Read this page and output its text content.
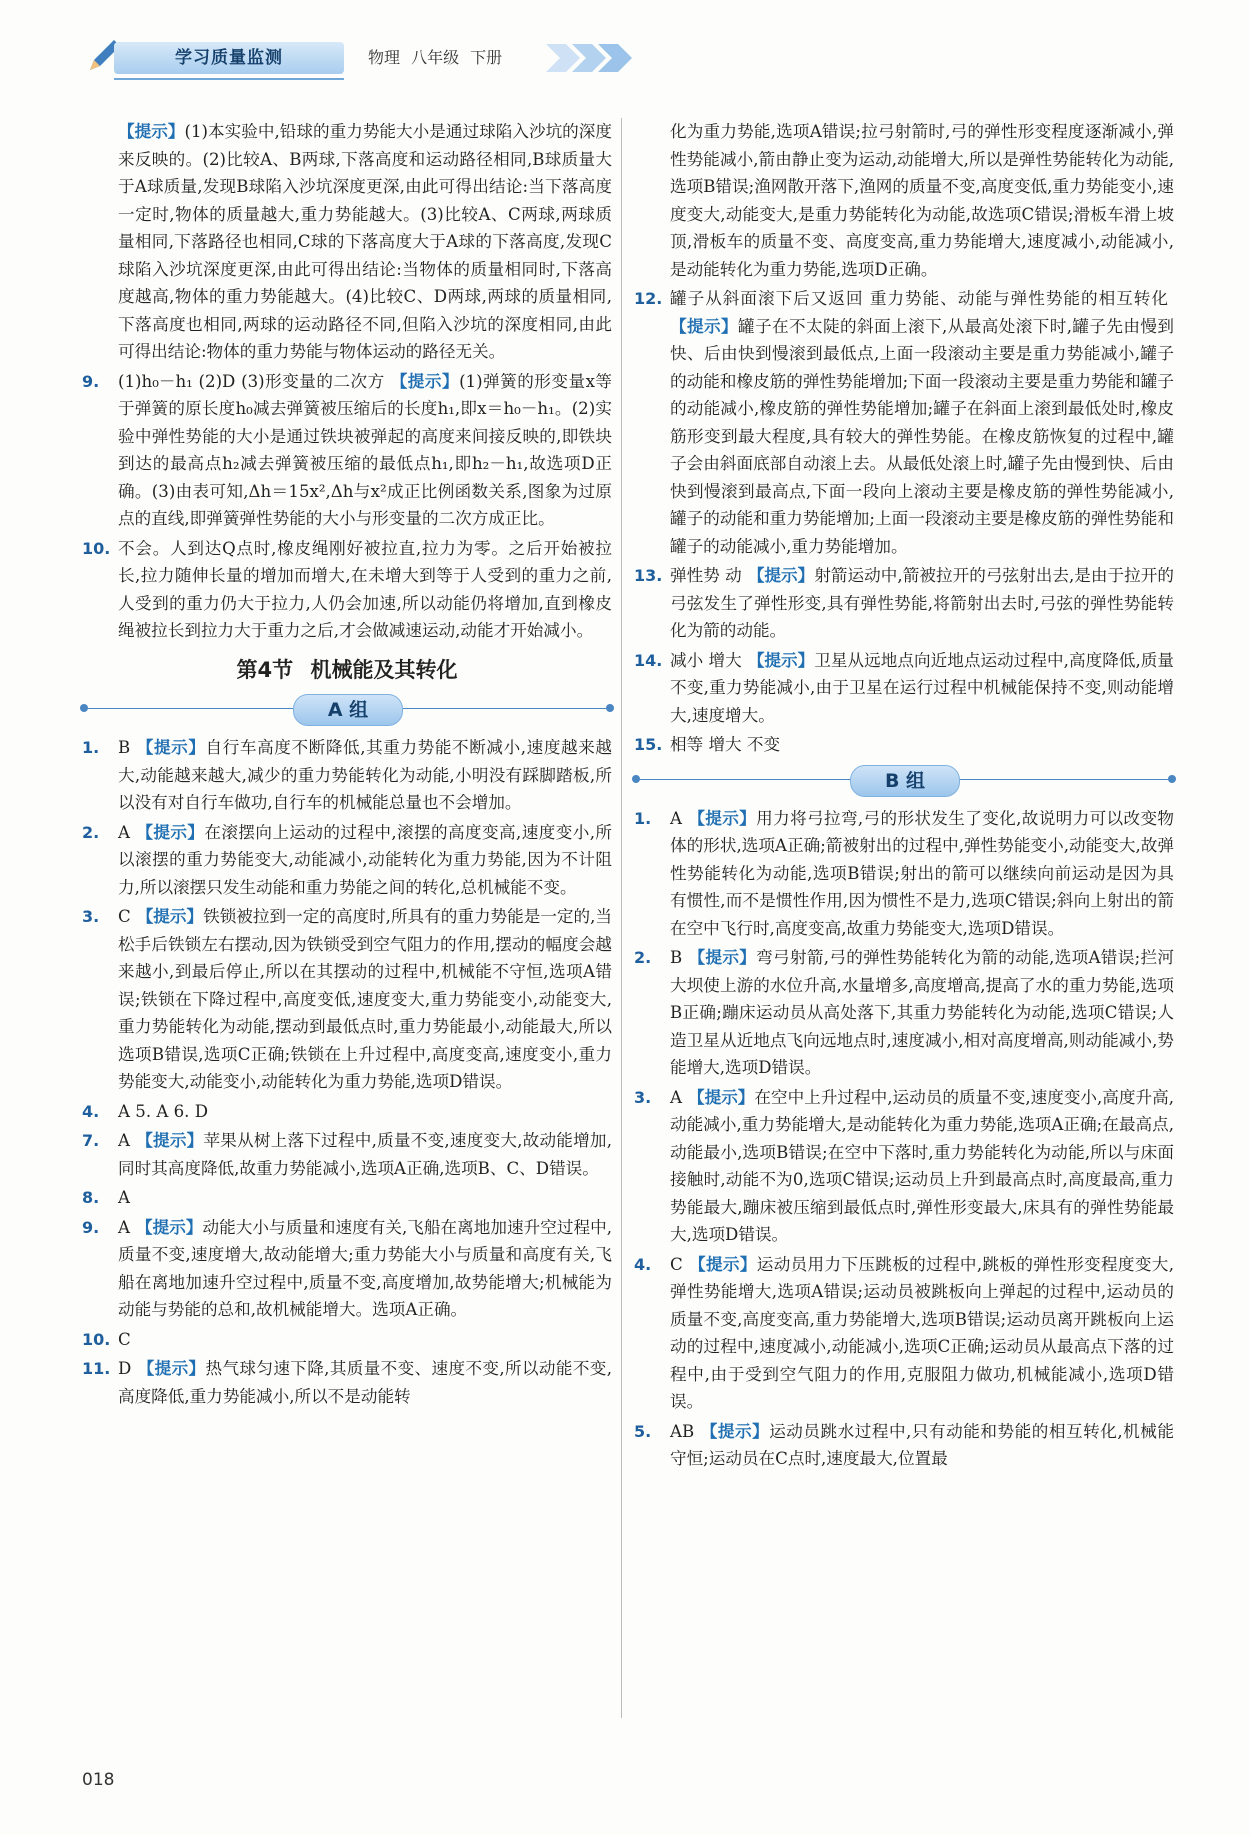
学习质量监测	物理 八年级 下册
【提示】(1)本实验中,铅球的重力势能大小是通过球陷入沙坑的深度来反映的。(2)比较A、B两球,下落高度和运动路径相同,B球质量大于A球质量,发现B球陷入沙坑深度更深,由此可得出结论:当下落高度一定时,物体的质量越大,重力势能越大。(3)比较A、C两球,两球质量相同,下落路径也相同,C球的下落高度大于A球的下落高度,发现C球陷入沙坑深度更深,由此可得出结论:当物体的质量相同时,下落高度越高,物体的重力势能越大。(4)比较C、D两球,两球的质量相同,下落高度也相同,两球的运动路径不同,但陷入沙坑的深度相同,由此可得出结论:物体的重力势能与物体运动的路径无关。
9.	(1)h₀－h₁ (2)D (3)形变量的二次方 【提示】(1)弹簧的形变量x等于弹簧的原长度h₀减去弹簧被压缩后的长度h₁,即x＝h₀－h₁。(2)实验中弹性势能的大小是通过铁块被弹起的高度来间接反映的,即铁块到达的最高点h₂减去弹簧被压缩的最低点h₁,即h₂－h₁,故选项D正确。(3)由表可知,Δh＝15x²,Δh与x²成正比例函数关系,图象为过原点的直线,即弹簧弹性势能的大小与形变量的二次方成正比。
10. 不会。人到达Q点时,橡皮绳刚好被拉直,拉力为零。之后开始被拉长,拉力随伸长量的增加而增大,在未增大到等于人受到的重力之前,人受到的重力仍大于拉力,人仍会加速,所以动能仍将增加,直到橡皮绳被拉长到拉力大于重力之后,才会做减速运动,动能才开始减小。
第4节 机械能及其转化
A 组
1.	B 【提示】自行车高度不断降低,其重力势能不断减小,速度越来越大,动能越来越大,减少的重力势能转化为动能,小明没有踩脚踏板,所以没有对自行车做功,自行车的机械能总量也不会增加。
2.	A 【提示】在滚摆向上运动的过程中,滚摆的高度变高,速度变小,所以滚摆的重力势能变大,动能减小,动能转化为重力势能,因为不计阻力,所以滚摆只发生动能和重力势能之间的转化,总机械能不变。
3.	C 【提示】铁锁被拉到一定的高度时,所具有的重力势能是一定的,当松手后铁锁左右摆动,因为铁锁受到空气阻力的作用,摆动的幅度会越来越小,到最后停止,所以在其摆动的过程中,机械能不守恒,选项A错误;铁锁在下降过程中,高度变低,速度变大,重力势能变小,动能变大,重力势能转化为动能,摆动到最低点时,重力势能最小,动能最大,所以选项B错误,选项C正确;铁锁在上升过程中,高度变高,速度变小,重力势能变大,动能变小,动能转化为重力势能,选项D错误。
4.	A 5. A 6. D
7.	A 【提示】苹果从树上落下过程中,质量不变,速度变大,故动能增加,同时其高度降低,故重力势能减小,选项A正确,选项B、C、D错误。
8.	A
9.	A 【提示】动能大小与质量和速度有关,飞船在离地加速升空过程中,质量不变,速度增大,故动能增大;重力势能大小与质量和高度有关,飞船在离地加速升空过程中,质量不变,高度增加,故势能增大;机械能为动能与势能的总和,故机械能增大。选项A正确。
10. C
11. D 【提示】热气球匀速下降,其质量不变、速度不变,所以动能不变,高度降低,重力势能减小,所以不是动能转
化为重力势能,选项A错误;拉弓射箭时,弓的弹性形变程度逐渐减小,弹性势能减小,箭由静止变为运动,动能增大,所以是弹性势能转化为动能,选项B错误;渔网散开落下,渔网的质量不变,高度变低,重力势能变小,速度变大,动能变大,是重力势能转化为动能,故选项C错误;滑板车滑上坡顶,滑板车的质量不变、高度变高,重力势能增大,速度减小,动能减小,是动能转化为重力势能,选项D正确。
12. 罐子从斜面滚下后又返回 重力势能、动能与弹性势能的相互转化【提示】罐子在不太陡的斜面上滚下,从最高处滚下时,罐子先由慢到快、后由快到慢滚到最低点,上面一段滚动主要是重力势能减小,罐子的动能和橡皮筋的弹性势能增加;下面一段滚动主要是重力势能和罐子的动能减小,橡皮筋的弹性势能增加;罐子在斜面上滚到最低处时,橡皮筋形变到最大程度,具有较大的弹性势能。在橡皮筋恢复的过程中,罐子会由斜面底部自动滚上去。从最低处滚上时,罐子先由慢到快、后由快到慢滚到最高点,下面一段向上滚动主要是橡皮筋的弹性势能减小,罐子的动能和重力势能增加;上面一段滚动主要是橡皮筋的弹性势能和罐子的动能减小,重力势能增加。
13. 弹性势 动 【提示】射箭运动中,箭被拉开的弓弦射出去,是由于拉开的弓弦发生了弹性形变,具有弹性势能,将箭射出去时,弓弦的弹性势能转化为箭的动能。
14. 减小 增大 【提示】卫星从远地点向近地点运动过程中,高度降低,质量不变,重力势能减小,由于卫星在运行过程中机械能保持不变,则动能增大,速度增大。
15. 相等 增大 不变
B 组
1.	A 【提示】用力将弓拉弯,弓的形状发生了变化,故说明力可以改变物体的形状,选项A正确;箭被射出的过程中,弹性势能变小,动能变大,故弹性势能转化为动能,选项B错误;射出的箭可以继续向前运动是因为具有惯性,而不是惯性作用,因为惯性不是力,选项C错误;斜向上射出的箭在空中飞行时,高度变高,故重力势能变大,选项D错误。
2.	B 【提示】弯弓射箭,弓的弹性势能转化为箭的动能,选项A错误;拦河大坝使上游的水位升高,水量增多,高度增高,提高了水的重力势能,选项B正确;蹦床运动员从高处落下,其重力势能转化为动能,选项C错误;人造卫星从近地点飞向远地点时,速度减小,相对高度增高,则动能减小,势能增大,选项D错误。
3.	A 【提示】在空中上升过程中,运动员的质量不变,速度变小,高度升高,动能减小,重力势能增大,是动能转化为重力势能,选项A正确;在最高点,动能最小,选项B错误;在空中下落时,重力势能转化为动能,所以与床面接触时,动能不为0,选项C错误;运动员上升到最高点时,高度最高,重力势能最大,蹦床被压缩到最低点时,弹性形变最大,床具有的弹性势能最大,选项D错误。
4.	C 【提示】运动员用力下压跳板的过程中,跳板的弹性形变程度变大,弹性势能增大,选项A错误;运动员被跳板向上弹起的过程中,运动员的质量不变,高度变高,重力势能增大,选项B错误;运动员离开跳板向上运动的过程中,速度减小,动能减小,选项C正确;运动员从最高点下落的过程中,由于受到空气阻力的作用,克服阻力做功,机械能减小,选项D错误。
5.	AB 【提示】运动员跳水过程中,只有动能和势能的相互转化,机械能守恒;运动员在C点时,速度最大,位置最
018
